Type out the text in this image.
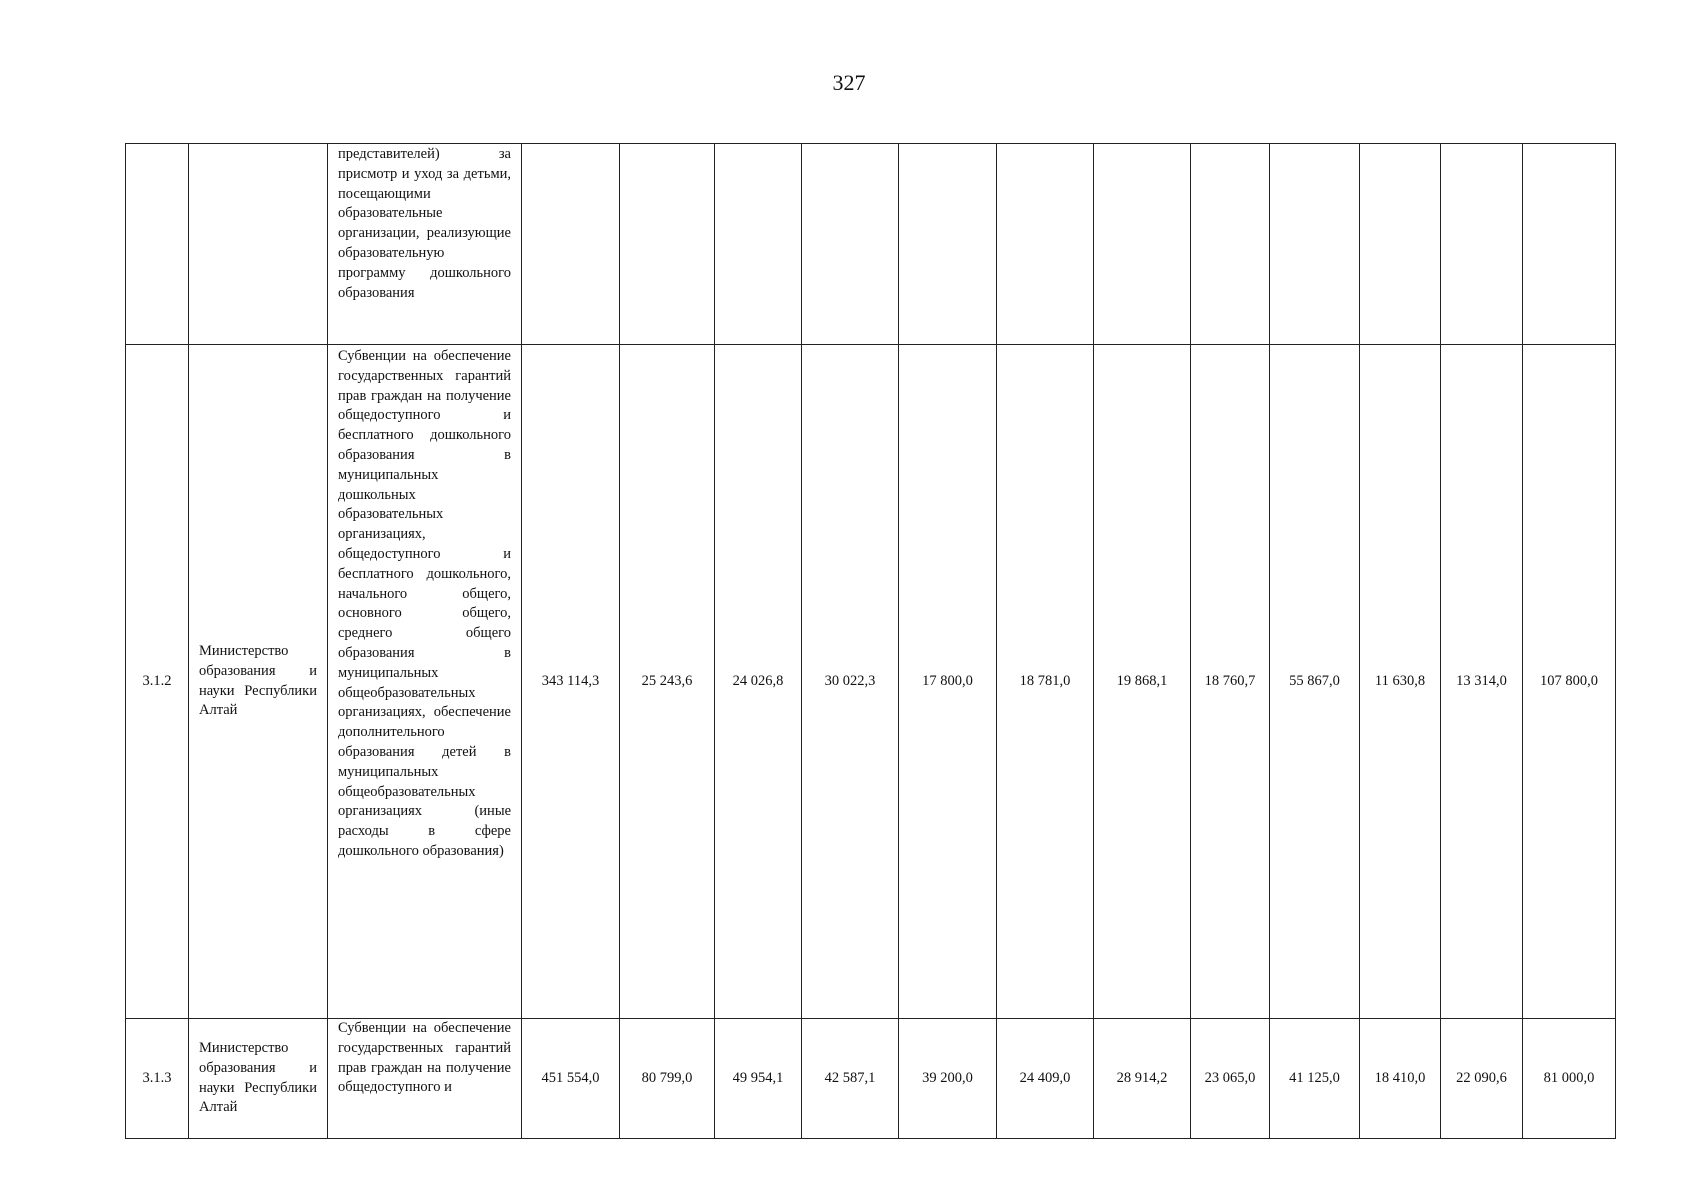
327

		представителей) за присмотр и уход за детьми, посещающими образовательные организации, реализующие образовательную программу дошкольного образования												

3.1.2	Министерство образования и науки Республики Алтай	Субвенции на обеспечение государственных гарантий прав граждан на получение общедоступного и бесплатного дошкольного образования в муниципальных дошкольных образовательных организациях, общедоступного и бесплатного дошкольного, начального общего, основного общего, среднего общего образования в муниципальных общеобразовательных организациях, обеспечение дополнительного образования детей в муниципальных общеобразовательных организациях (иные расходы в сфере дошкольного образования)	343 114,3	25 243,6	24 026,8	30 022,3	17 800,0	18 781,0	19 868,1	18 760,7	55 867,0	11 630,8	13 314,0	107 800,0
3.1.3	Министерство образования и науки Республики Алтай	Субвенции на обеспечение государственных гарантий прав граждан на получение общедоступного и	451 554,0	80 799,0	49 954,1	42 587,1	39 200,0	24 409,0	28 914,2	23 065,0	41 125,0	18 410,0	22 090,6	81 000,0
